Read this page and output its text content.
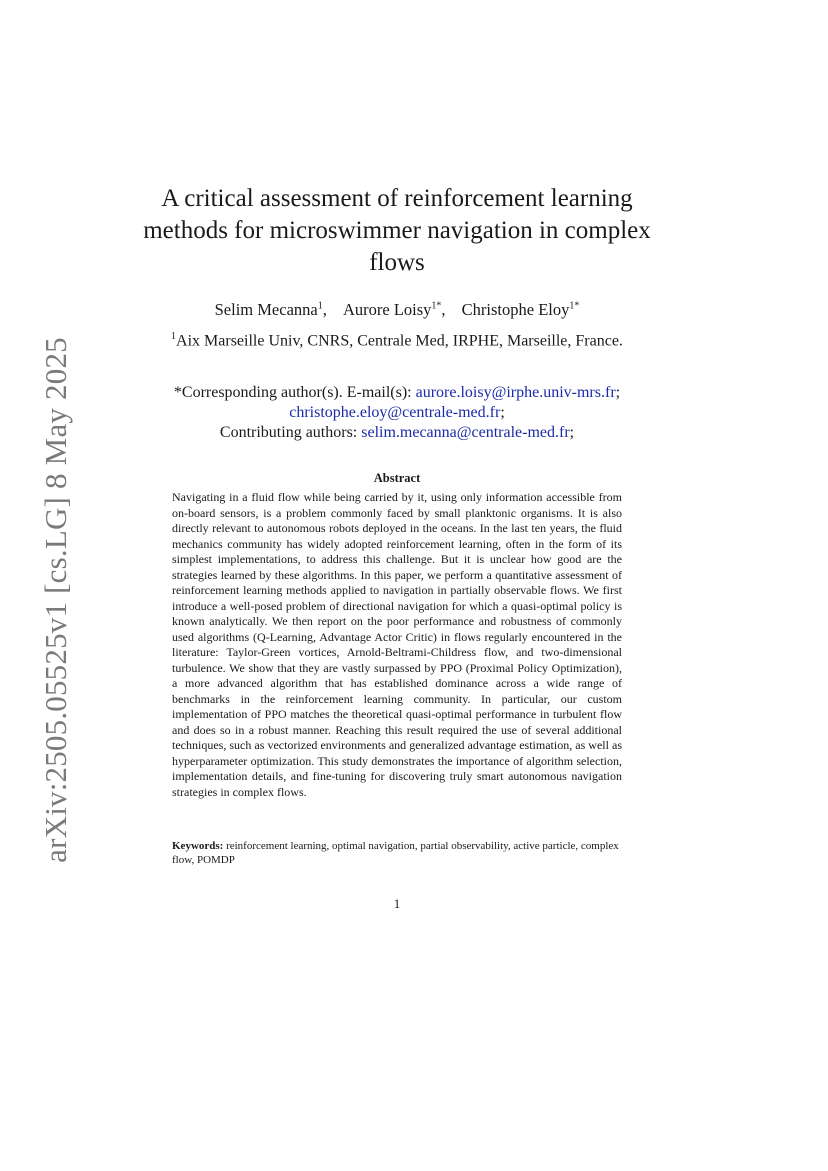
arXiv:2505.05525v1 [cs.LG] 8 May 2025
A critical assessment of reinforcement learning
methods for microswimmer navigation in complex
flows
Selim Mecanna$^1$, Aurore Loisy$^{1*}$, Christophe Eloy$^{1*}$
$^1$Aix Marseille Univ, CNRS, Centrale Med, IRPHE, Marseille, France.
*Corresponding author(s). E-mail(s): aurore.loisy@irphe.univ-mrs.fr;
christophe.eloy@centrale-med.fr;
Contributing authors: selim.mecanna@centrale-med.fr;
Abstract
Navigating in a fluid flow while being carried by it, using only information accessible from on-board sensors, is a problem commonly faced by small planktonic organisms. It is also directly relevant to autonomous robots deployed in the oceans. In the last ten years, the fluid mechanics community has widely adopted reinforcement learning, often in the form of its simplest implementations, to address this challenge. But it is unclear how good are the strategies learned by these algorithms. In this paper, we perform a quantitative assessment of reinforcement learning methods applied to navigation in partially observable flows. We first introduce a well-posed problem of directional navigation for which a quasi-optimal policy is known analytically. We then report on the poor performance and robustness of commonly used algorithms (Q-Learning, Advantage Actor Critic) in flows regularly encountered in the literature: Taylor-Green vortices, Arnold-Beltrami-Childress flow, and two-dimensional turbulence. We show that they are vastly surpassed by PPO (Proximal Policy Optimization), a more advanced algorithm that has established dominance across a wide range of benchmarks in the reinforcement learning community. In particular, our custom implementation of PPO matches the theoretical quasi-optimal performance in turbulent flow and does so in a robust manner. Reaching this result required the use of several additional techniques, such as vectorized environments and generalized advantage estimation, as well as hyperparameter optimization. This study demonstrates the importance of algorithm selection, implementation details, and fine-tuning for discovering truly smart autonomous navigation strategies in complex flows.
Keywords: reinforcement learning, optimal navigation, partial observability, active particle, complex flow, POMDP
1
